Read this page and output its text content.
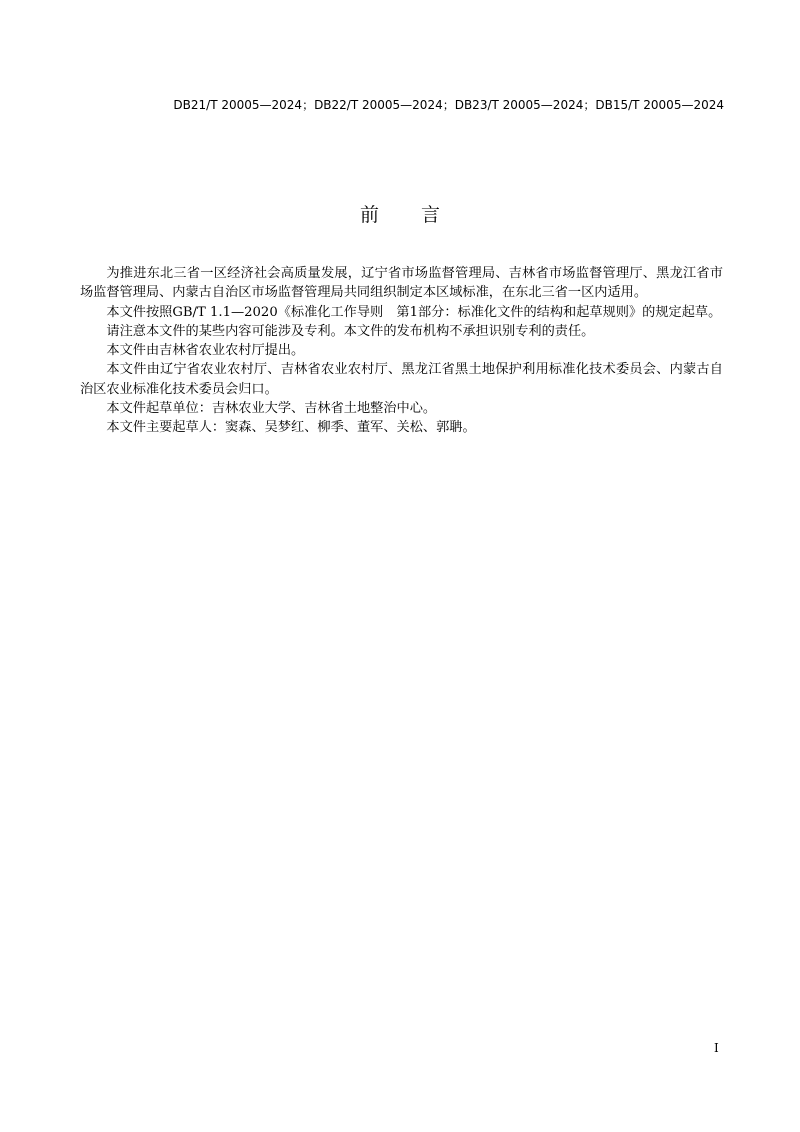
DB21/T 20005—2024；DB22/T 20005—2024；DB23/T 20005—2024；DB15/T 20005—2024
前 言

为推进东北三省一区经济社会高质量发展，辽宁省市场监督管理局、吉林省市场监督管理厅、黑龙江省市场监督管理局、内蒙古自治区市场监督管理局共同组织制定本区域标准，在东北三省一区内适用。

本文件按照GB/T 1.1—2020《标准化工作导则　第1部分：标准化文件的结构和起草规则》的规定起草。

请注意本文件的某些内容可能涉及专利。本文件的发布机构不承担识别专利的责任。

本文件由吉林省农业农村厅提出。

本文件由辽宁省农业农村厅、吉林省农业农村厅、黑龙江省黑土地保护利用标准化技术委员会、内蒙古自治区农业标准化技术委员会归口。

本文件起草单位：吉林农业大学、吉林省土地整治中心。

本文件主要起草人：窦森、吴梦红、柳季、董军、关松、郭聃。

I
